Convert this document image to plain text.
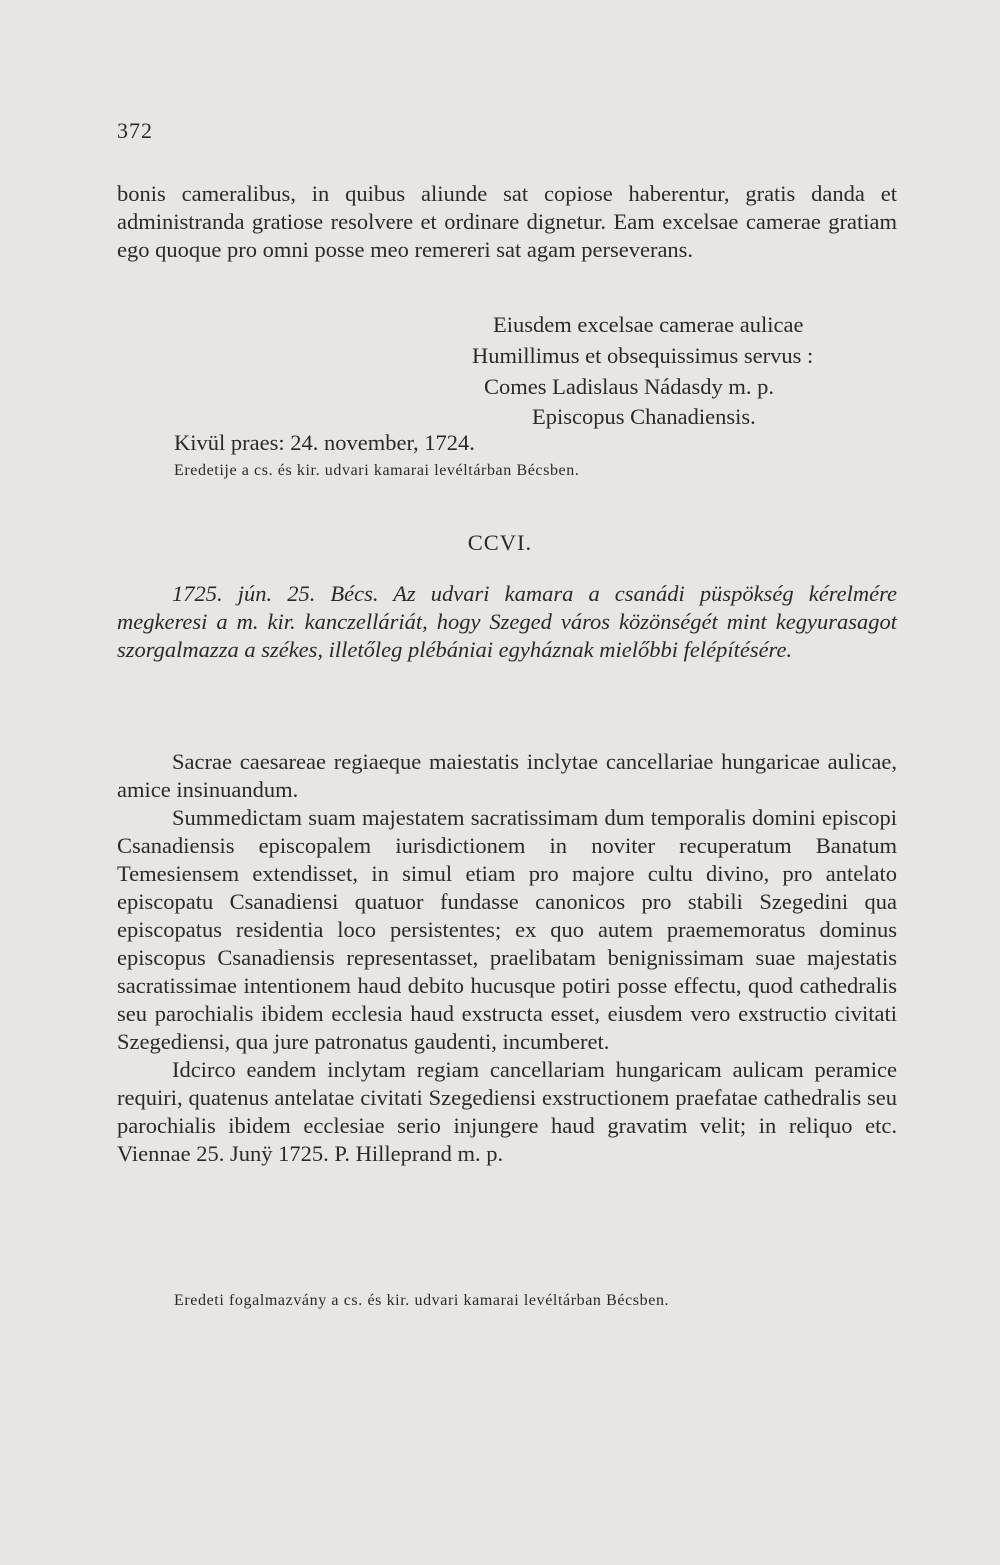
372

bonis cameralibus, in quibus aliunde sat copiose haberentur, gratis danda et administranda gratiose resolvere et ordinare dignetur. Eam excelsae camerae gratiam ego quoque pro omni posse meo remereri sat agam perseverans.

Eiusdem excelsae camerae aulicae
Humillimus et obsequissimus servus :
Comes Ladislaus Nádasdy m. p.
Episcopus Chanadiensis.
Kivül praes: 24. november, 1724.
Eredetije a cs. és kir. udvari kamarai levéltárban Bécsben.
CCVI.

1725. jún. 25. Bécs. Az udvari kamara a csanádi püspökség kérelmére megkeresi a m. kir. kanczelláriát, hogy Szeged város közönségét mint kegyurasagot szorgalmazza a székes, illetőleg plébániai egyháznak mielőbbi felépítésére.

Sacrae caesareae regiaeque maiestatis inclytae cancellariae hungaricae aulicae, amice insinuandum.

Summedictam suam majestatem sacratissimam dum temporalis domini episcopi Csanadiensis episcopalem iurisdictionem in noviter recuperatum Banatum Temesiensem extendisset, in simul etiam pro majore cultu divino, pro antelato episcopatu Csanadiensi quatuor fundasse canonicos pro stabili Szegedini qua episcopatus residentia loco persistentes; ex quo autem praememoratus dominus episcopus Csanadiensis representasset, praelibatam benignissimam suae majestatis sacratissimae intentionem haud debito hucusque potiri posse effectu, quod cathedralis seu parochialis ibidem ecclesia haud exstructa esset, eiusdem vero exstructio civitati Szegediensi, qua jure patronatus gaudenti, incumberet.

Idcirco eandem inclytam regiam cancellariam hungaricam aulicam peramice requiri, quatenus antelatae civitati Szegediensi exstructionem praefatae cathedralis seu parochialis ibidem ecclesiae serio injungere haud gravatim velit; in reliquo etc. Viennae 25. Junÿ 1725. P. Hilleprand m. p.

Eredeti fogalmazvány a cs. és kir. udvari kamarai levéltárban Bécsben.
